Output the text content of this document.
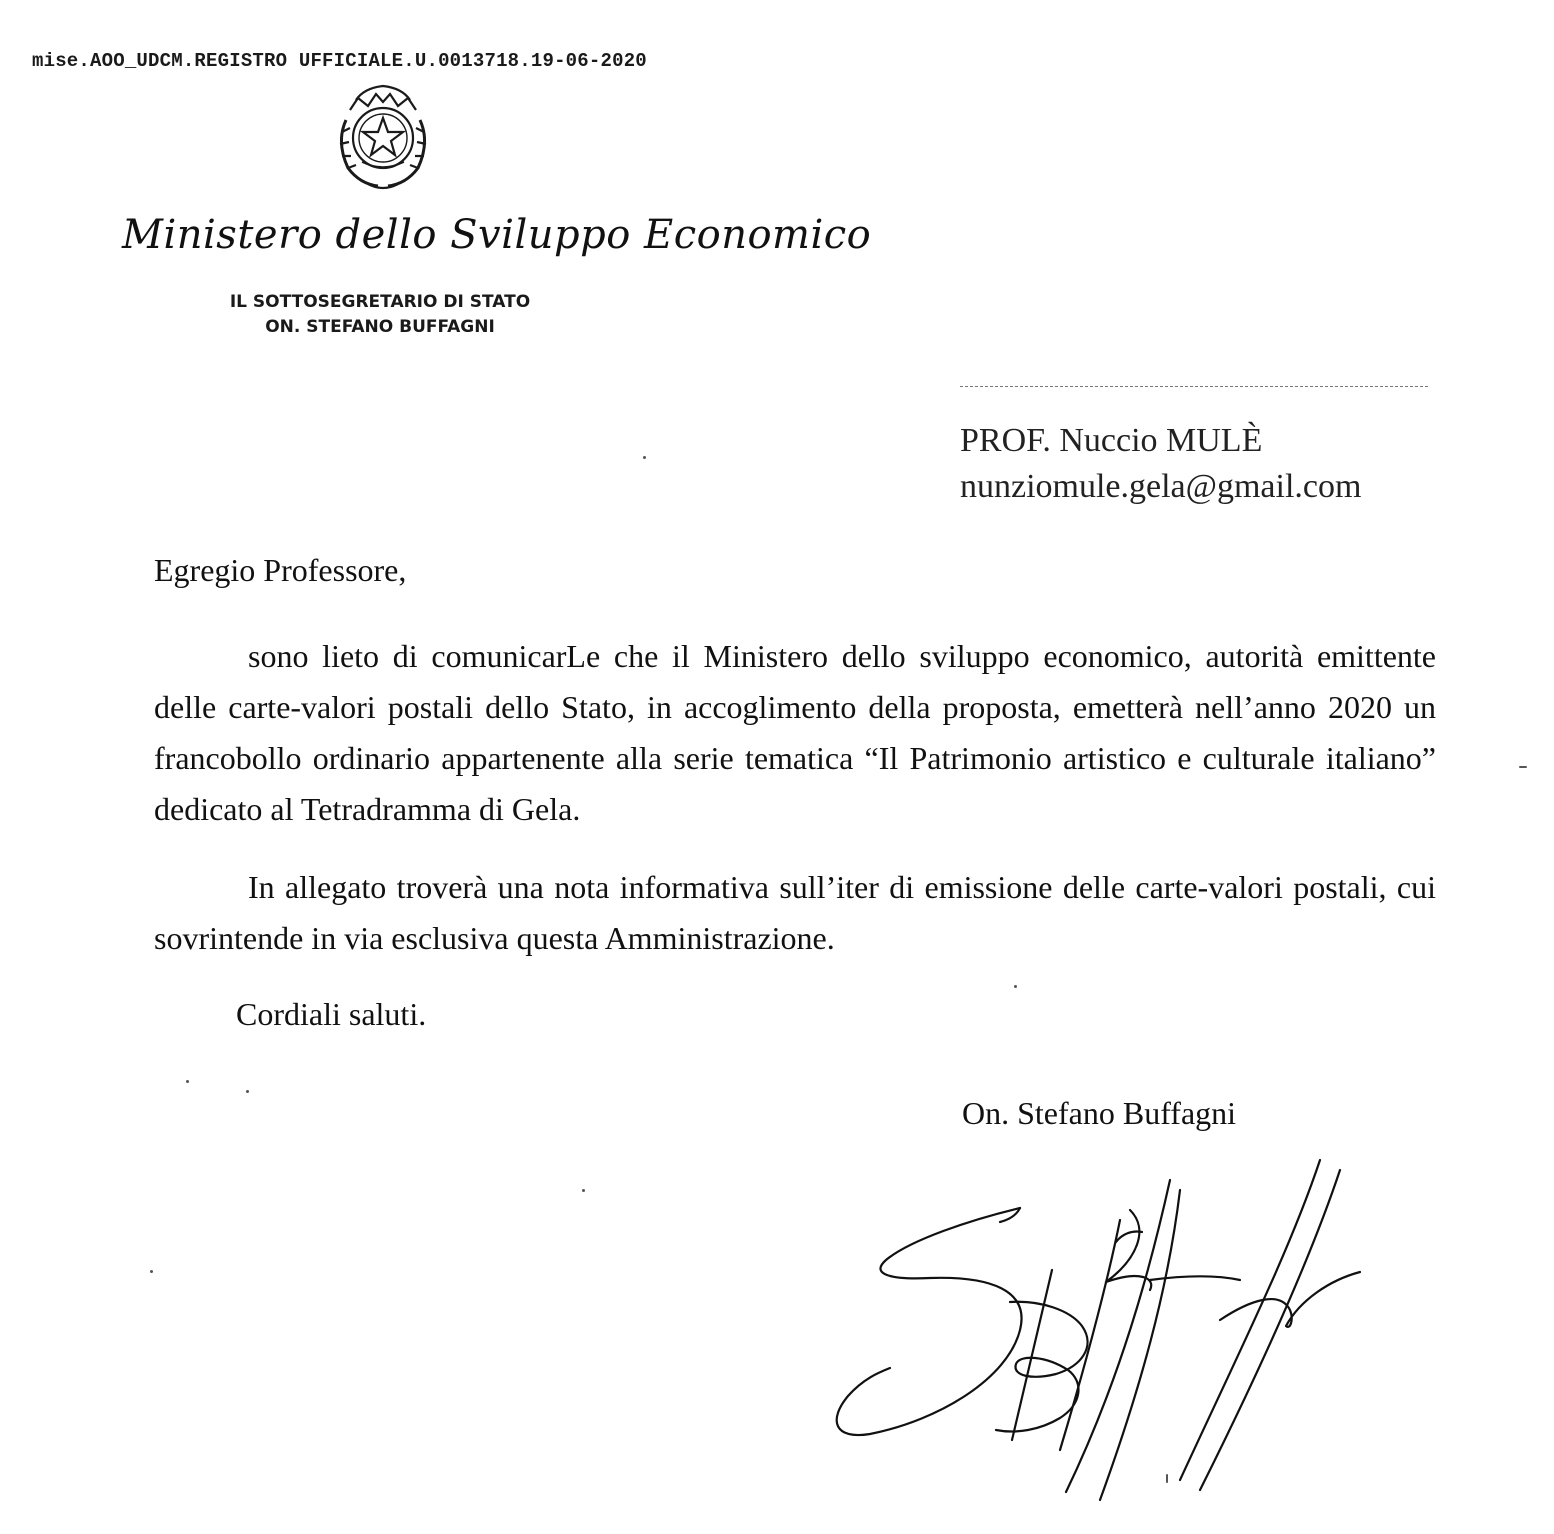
mise.AOO_UDCM.REGISTRO UFFICIALE.U.0013718.19-06-2020
Ministero dello Sviluppo Economico
IL SOTTOSEGRETARIO DI STATO
ON. STEFANO BUFFAGNI
PROF. Nuccio MULÈ
nunziomule.gela@gmail.com
Egregio Professore,
sono lieto di comunicarLe che il Ministero dello sviluppo economico, autorità emittente delle carte-valori postali dello Stato, in accoglimento della proposta, emetterà nell’anno 2020 un francobollo ordinario appartenente alla serie tematica “Il Patrimonio artistico e culturale italiano” dedicato al Tetradramma di Gela.
In allegato troverà una nota informativa sull’iter di emissione delle carte-valori postali, cui sovrintende in via esclusiva questa Amministrazione.
Cordiali saluti.
On. Stefano Buffagni
